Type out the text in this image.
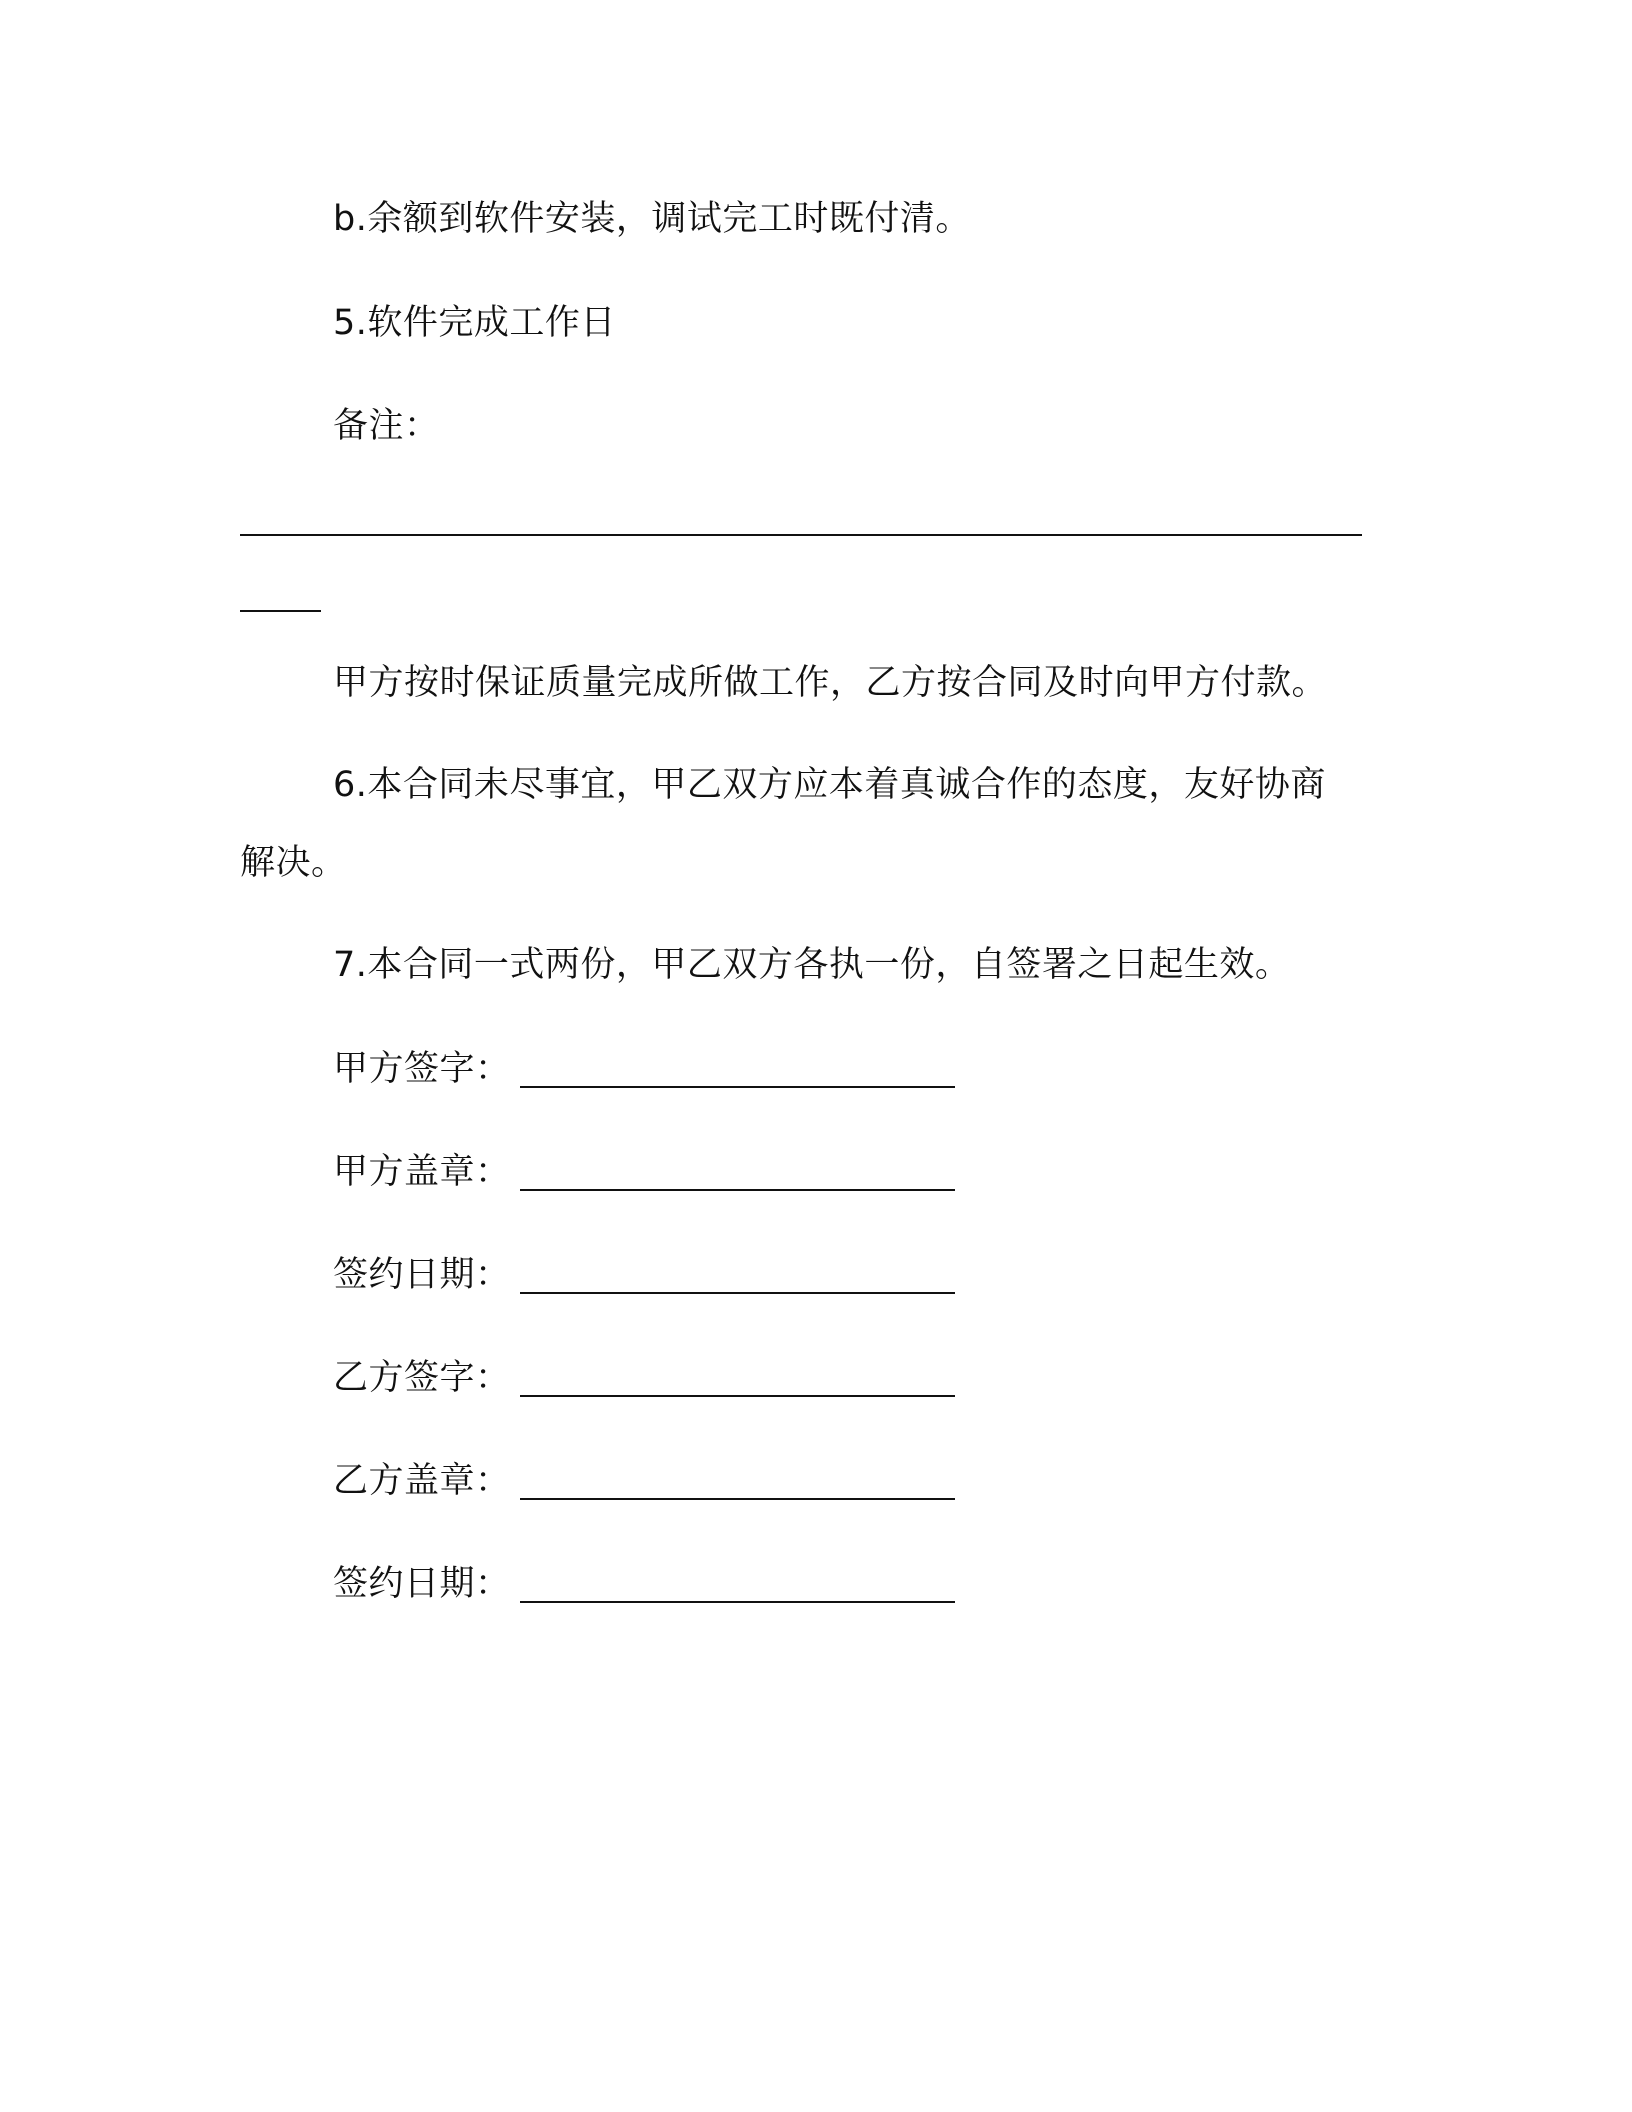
b.余额到软件安装，调试完工时既付清。
5.软件完成工作日
备注：
甲方按时保证质量完成所做工作，乙方按合同及时向甲方付款。
6.本合同未尽事宜，甲乙双方应本着真诚合作的态度，友好协商
解决。
7.本合同一式两份，甲乙双方各执一份，自签署之日起生效。
甲方签字：
甲方盖章：
签约日期：
乙方签字：
乙方盖章：
签约日期：
